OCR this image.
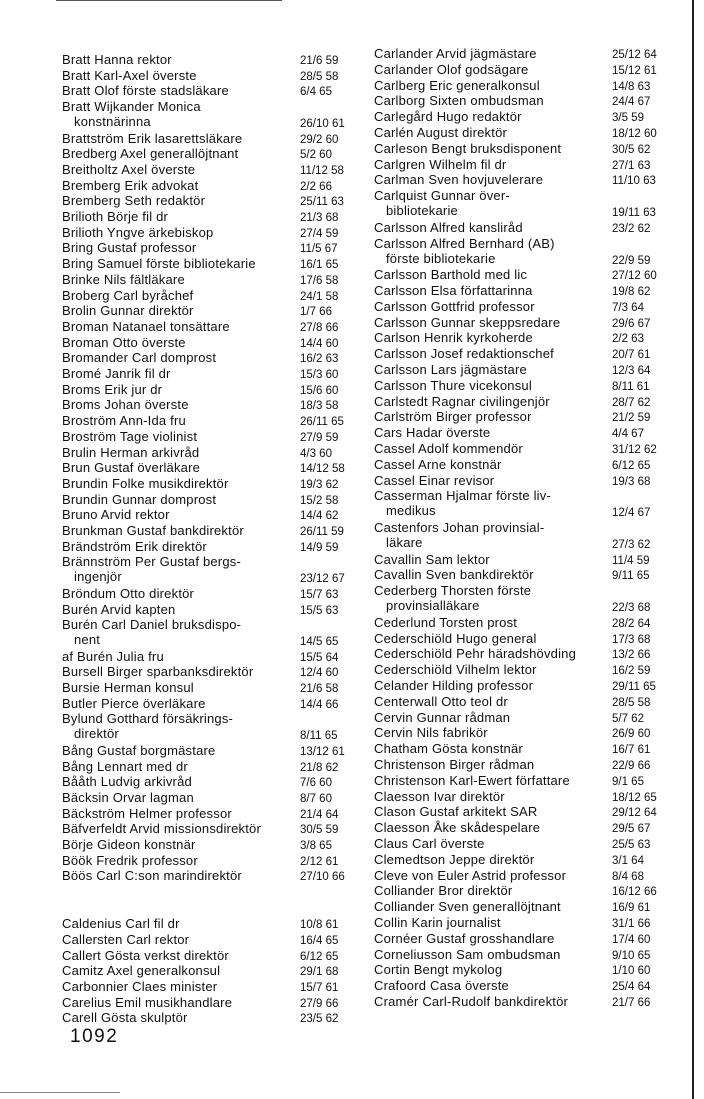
Bratt Hanna rektor	21/6 59
Bratt Karl-Axel överste	28/5 58
Bratt Olof förste stadsläkare	6/4 65
Bratt Wijkander Monica
konstnärinna	26/10 61
Brattström Erik lasarettsläkare	29/2 60
Bredberg Axel generallöjtnant	5/2 60
Breitholtz Axel överste	11/12 58
Bremberg Erik advokat	2/2 66
Bremberg Seth redaktör	25/11 63
Brilioth Börje fil dr	21/3 68
Brilioth Yngve ärkebiskop	27/4 59
Bring Gustaf professor	11/5 67
Bring Samuel förste bibliotekarie	16/1 65
Brinke Nils fältläkare	17/6 58
Broberg Carl byråchef	24/1 58
Brolin Gunnar direktör	1/7 66
Broman Natanael tonsättare	27/8 66
Broman Otto överste	14/4 60
Bromander Carl domprost	16/2 63
Bromé Janrik fil dr	15/3 60
Broms Erik jur dr	15/6 60
Broms Johan överste	18/3 58
Broström Ann-Ida fru	26/11 65
Broström Tage violinist	27/9 59
Brulin Herman arkivråd	4/3 60
Brun Gustaf överläkare	14/12 58
Brundin Folke musikdirektör	19/3 62
Brundin Gunnar domprost	15/2 58
Bruno Arvid rektor	14/4 62
Brunkman Gustaf bankdirektör	26/11 59
Brändström Erik direktör	14/9 59
Brännström Per Gustaf bergs-
ingenjör	23/12 67
Bröndum Otto direktör	15/7 63
Burén Arvid kapten	15/5 63
Burén Carl Daniel bruksdispo-
nent	14/5 65
af Burén Julia fru	15/5 64
Bursell Birger sparbanksdirektör	12/4 60
Bursie Herman konsul	21/6 58
Butler Pierce överläkare	14/4 66
Bylund Gotthard försäkrings-
direktör	8/11 65
Bång Gustaf borgmästare	13/12 61
Bång Lennart med dr	21/8 62
Bååth Ludvig arkivråd	7/6 60
Bäcksin Orvar lagman	8/7 60
Bäckström Helmer professor	21/4 64
Bäfverfeldt Arvid missionsdirektör	30/5 59
Börje Gideon konstnär	3/8 65
Böök Fredrik professor	2/12 61
Böös Carl C:son marindirektör	27/10 66
Caldenius Carl fil dr	10/8 61
Callersten Carl rektor	16/4 65
Callert Gösta verkst direktör	6/12 65
Camitz Axel generalkonsul	29/1 68
Carbonnier Claes minister	15/7 61
Carelius Emil musikhandlare	27/9 66
Carell Gösta skulptör	23/5 62
Carlander Arvid jägmästare	25/12 64
Carlander Olof godsägare	15/12 61
Carlberg Eric generalkonsul	14/8 63
Carlborg Sixten ombudsman	24/4 67
Carlegård Hugo redaktör	3/5 59
Carlén August direktör	18/12 60
Carleson Bengt bruksdisponent	30/5 62
Carlgren Wilhelm fil dr	27/1 63
Carlman Sven hovjuvelerare	11/10 63
Carlquist Gunnar över-
bibliotekarie	19/11 63
Carlsson Alfred kansliråd	23/2 62
Carlsson Alfred Bernhard (AB)
förste bibliotekarie	22/9 59
Carlsson Barthold med lic	27/12 60
Carlsson Elsa författarinna	19/8 62
Carlsson Gottfrid professor	7/3 64
Carlsson Gunnar skeppsredare	29/6 67
Carlson Henrik kyrkoherde	2/2 63
Carlsson Josef redaktionschef	20/7 61
Carlsson Lars jägmästare	12/3 64
Carlsson Thure vicekonsul	8/11 61
Carlstedt Ragnar civilingenjör	28/7 62
Carlström Birger professor	21/2 59
Cars Hadar överste	4/4 67
Cassel Adolf kommendör	31/12 62
Cassel Arne konstnär	6/12 65
Cassel Einar revisor	19/3 68
Casserman Hjalmar förste liv-
medikus	12/4 67
Castenfors Johan provinsial-
läkare	27/3 62
Cavallin Sam lektor	11/4 59
Cavallin Sven bankdirektör	9/11 65
Cederberg Thorsten förste
provinsialläkare	22/3 68
Cederlund Torsten prost	28/2 64
Cederschiöld Hugo general	17/3 68
Cederschiöld Pehr häradshövding	13/2 66
Cederschiöld Vilhelm lektor	16/2 59
Celander Hilding professor	29/11 65
Centerwall Otto teol dr	28/5 58
Cervin Gunnar rådman	5/7 62
Cervin Nils fabrikör	26/9 60
Chatham Gösta konstnär	16/7 61
Christenson Birger rådman	22/9 66
Christenson Karl-Ewert författare	9/1 65
Claesson Ivar direktör	18/12 65
Clason Gustaf arkitekt SAR	29/12 64
Claesson Åke skådespelare	29/5 67
Claus Carl överste	25/5 63
Clemedtson Jeppe direktör	3/1 64
Cleve von Euler Astrid professor	8/4 68
Colliander Bror direktör	16/12 66
Colliander Sven generallöjtnant	16/9 61
Collin Karin journalist	31/1 66
Cornéer Gustaf grosshandlare	17/4 60
Corneliusson Sam ombudsman	9/10 65
Cortin Bengt mykolog	1/10 60
Crafoord Casa överste	25/4 64
Cramér Carl-Rudolf bankdirektör	21/7 66
1092
